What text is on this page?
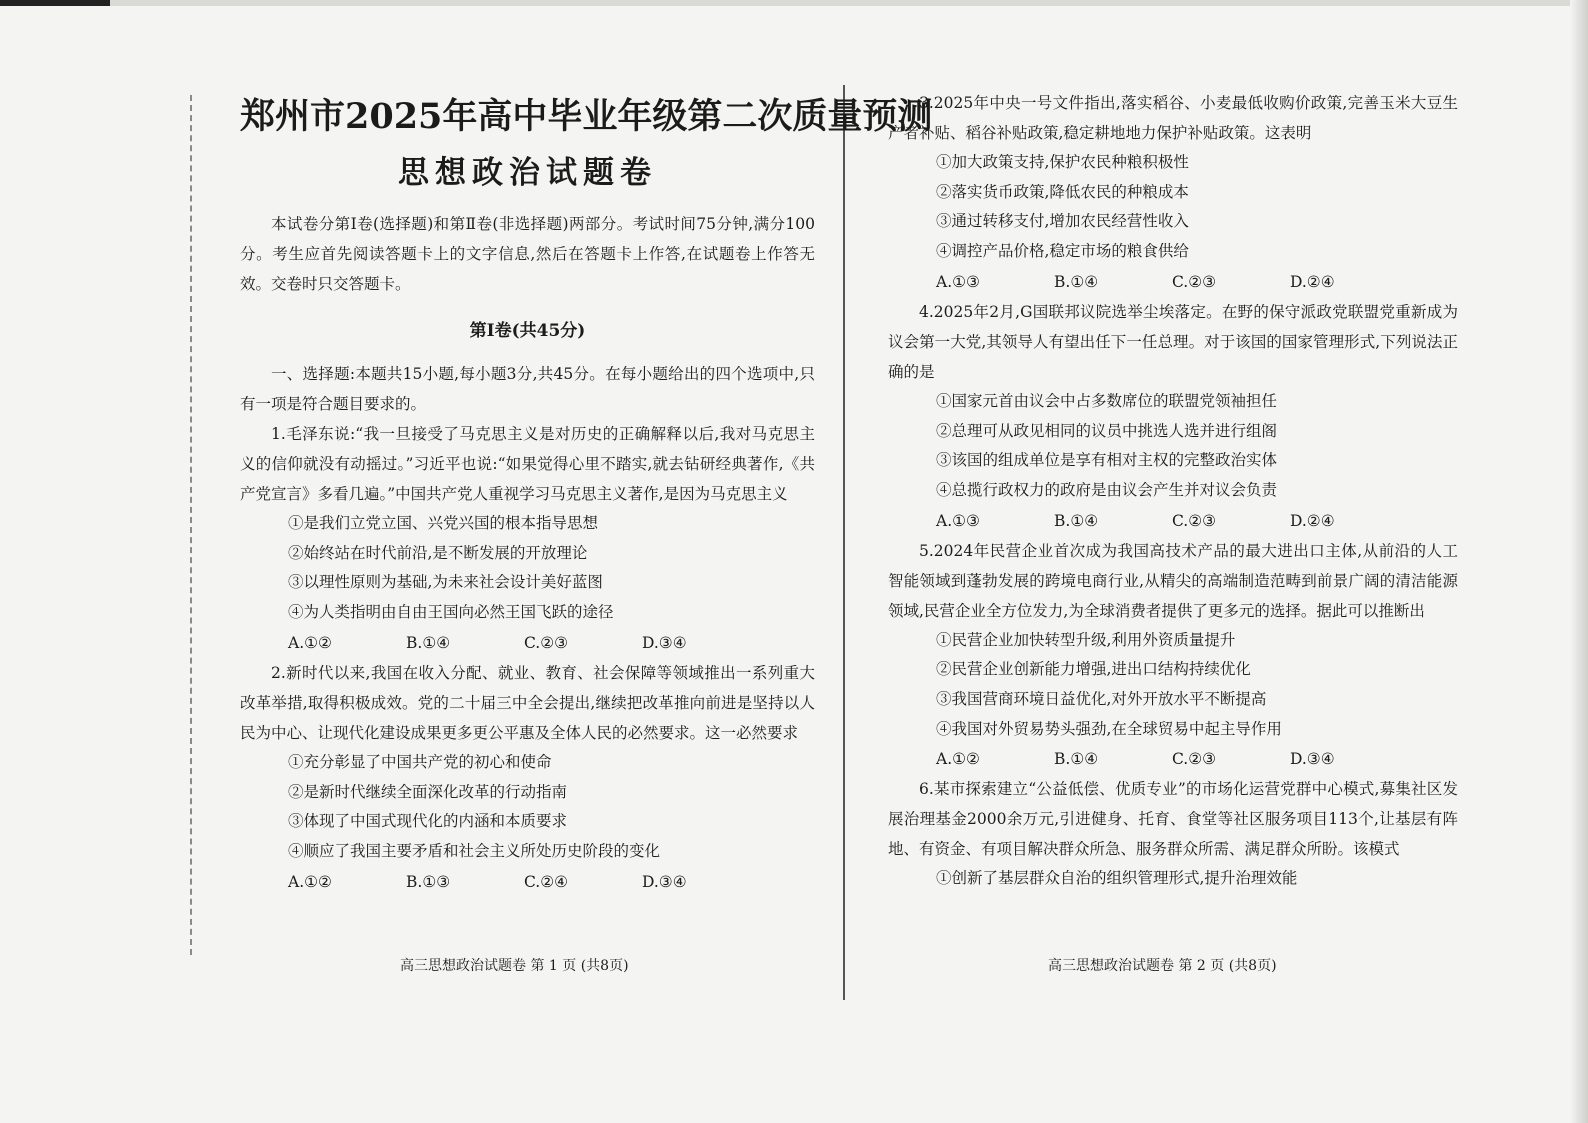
郑州市2025年高中毕业年级第二次质量预测
思想政治试题卷

本试卷分第Ⅰ卷(选择题)和第Ⅱ卷(非选择题)两部分。考试时间75分钟,满分100分。考生应首先阅读答题卡上的文字信息,然后在答题卡上作答,在试题卷上作答无效。交卷时只交答题卡。

第Ⅰ卷(共45分)

一、选择题:本题共15小题,每小题3分,共45分。在每小题给出的四个选项中,只有一项是符合题目要求的。

1.毛泽东说:“我一旦接受了马克思主义是对历史的正确解释以后,我对马克思主义的信仰就没有动摇过。”习近平也说:“如果觉得心里不踏实,就去钻研经典著作,《共产党宣言》多看几遍。”中国共产党人重视学习马克思主义著作,是因为马克思主义

①是我们立党立国、兴党兴国的根本指导思想

②始终站在时代前沿,是不断发展的开放理论

③以理性原则为基础,为未来社会设计美好蓝图

④为人类指明由自由王国向必然王国飞跃的途径

A.①②	B.①④	C.②③	D.③④

2.新时代以来,我国在收入分配、就业、教育、社会保障等领域推出一系列重大改革举措,取得积极成效。党的二十届三中全会提出,继续把改革推向前进是坚持以人民为中心、让现代化建设成果更多更公平惠及全体人民的必然要求。这一必然要求

①充分彰显了中国共产党的初心和使命

②是新时代继续全面深化改革的行动指南

③体现了中国式现代化的内涵和本质要求

④顺应了我国主要矛盾和社会主义所处历史阶段的变化

A.①②	B.①③	C.②④	D.③④
高三思想政治试题卷 第 1 页 (共8页)

3.2025年中央一号文件指出,落实稻谷、小麦最低收购价政策,完善玉米大豆生产者补贴、稻谷补贴政策,稳定耕地地力保护补贴政策。这表明

①加大政策支持,保护农民种粮积极性

②落实货币政策,降低农民的种粮成本

③通过转移支付,增加农民经营性收入

④调控产品价格,稳定市场的粮食供给

A.①③	B.①④	C.②③	D.②④

4.2025年2月,G国联邦议院选举尘埃落定。在野的保守派政党联盟党重新成为议会第一大党,其领导人有望出任下一任总理。对于该国的国家管理形式,下列说法正确的是

①国家元首由议会中占多数席位的联盟党领袖担任

②总理可从政见相同的议员中挑选人选并进行组阁

③该国的组成单位是享有相对主权的完整政治实体

④总揽行政权力的政府是由议会产生并对议会负责

A.①③	B.①④	C.②③	D.②④

5.2024年民营企业首次成为我国高技术产品的最大进出口主体,从前沿的人工智能领域到蓬勃发展的跨境电商行业,从精尖的高端制造范畴到前景广阔的清洁能源领域,民营企业全方位发力,为全球消费者提供了更多元的选择。据此可以推断出

①民营企业加快转型升级,利用外资质量提升

②民营企业创新能力增强,进出口结构持续优化

③我国营商环境日益优化,对外开放水平不断提高

④我国对外贸易势头强劲,在全球贸易中起主导作用

A.①②	B.①④	C.②③	D.③④

6.某市探索建立“公益低偿、优质专业”的市场化运营党群中心模式,募集社区发展治理基金2000余万元,引进健身、托育、食堂等社区服务项目113个,让基层有阵地、有资金、有项目解决群众所急、服务群众所需、满足群众所盼。该模式

①创新了基层群众自治的组织管理形式,提升治理效能

高三思想政治试题卷 第 2 页 (共8页)
